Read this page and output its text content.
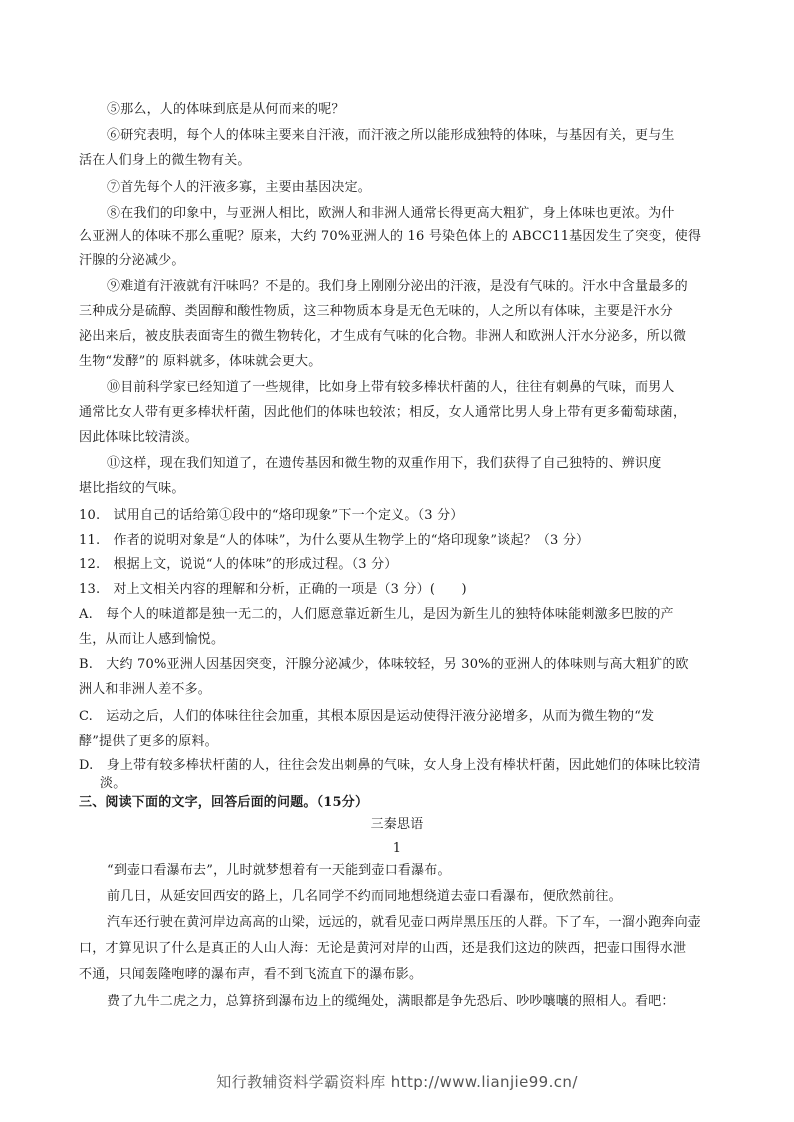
⑤那么，人的体味到底是从何而来的呢？
⑥研究表明，每个人的体味主要来自汗液，而汗液之所以能形成独特的体味，与基因有关，更与生
活在人们身上的微生物有关。
⑦首先每个人的汗液多寡，主要由基因决定。
⑧在我们的印象中，与亚洲人相比，欧洲人和非洲人通常长得更高大粗犷，身上体味也更浓。为什
么亚洲人的体味不那么重呢？原来，大约 70%亚洲人的 16 号染色体上的 ABCC11基因发生了突变，使得
汗腺的分泌减少。
⑨难道有汗液就有汗味吗？不是的。我们身上刚刚分泌出的汗液，是没有气味的。汗水中含量最多的
三种成分是硫醇、类固醇和酸性物质，这三种物质本身是无色无味的，人之所以有体味，主要是汗水分
泌出来后，被皮肤表面寄生的微生物转化，才生成有气味的化合物。非洲人和欧洲人汗水分泌多，所以微
生物“发酵”的 原料就多，体味就会更大。
⑩目前科学家已经知道了一些规律，比如身上带有较多棒状杆菌的人，往往有刺鼻的气味，而男人
通常比女人带有更多棒状杆菌，因此他们的体味也较浓；相反，女人通常比男人身上带有更多葡萄球菌，
因此体味比较清淡。
⑪这样，现在我们知道了，在遗传基因和微生物的双重作用下，我们获得了自己独特的、辨识度
堪比指纹的气味。
10.　试用自己的话给第①段中的“烙印现象”下一个定义。（3 分）
11.　作者的说明对象是“人的体味”，为什么要从生物学上的“烙印现象”谈起？（3 分）
12.　根据上文，说说“人的体味”的形成过程。（3 分）
13.　对上文相关内容的理解和分析，正确的一项是（3 分）(　　)
A.　每个人的味道都是独一无二的，人们愿意靠近新生儿，是因为新生儿的独特体味能刺激多巴胺的产
生，从而让人感到愉悦。
B.　大约 70%亚洲人因基因突变，汗腺分泌减少，体味较轻，另 30%的亚洲人的体味则与高大粗犷的欧
洲人和非洲人差不多。
C.　运动之后，人们的体味往往会加重，其根本原因是运动使得汗液分泌增多，从而为微生物的“发
酵”提供了更多的原料。
D.　身上带有较多棒状杆菌的人，往往会发出刺鼻的气味，女人身上没有棒状杆菌，因此她们的体味比较清
淡。
三、阅读下面的文字，回答后面的问题。（15分）
三秦思语
1
“到壶口看瀑布去”，儿时就梦想着有一天能到壶口看瀑布。
前几日，从延安回西安的路上，几名同学不约而同地想绕道去壶口看瀑布，便欣然前往。
汽车还行驶在黄河岸边高高的山梁，远远的，就看见壶口两岸黑压压的人群。下了车，一溜小跑奔向壶
口，才算见识了什么是真正的人山人海：无论是黄河对岸的山西，还是我们这边的陕西，把壶口围得水泄
不通，只闻轰隆咆哮的瀑布声，看不到飞流直下的瀑布影。
费了九牛二虎之力，总算挤到瀑布边上的缆绳处，满眼都是争先恐后、吵吵嚷嚷的照相人。看吧：
知行教辅资料学霸资料库 http://www.lianjie99.cn/
